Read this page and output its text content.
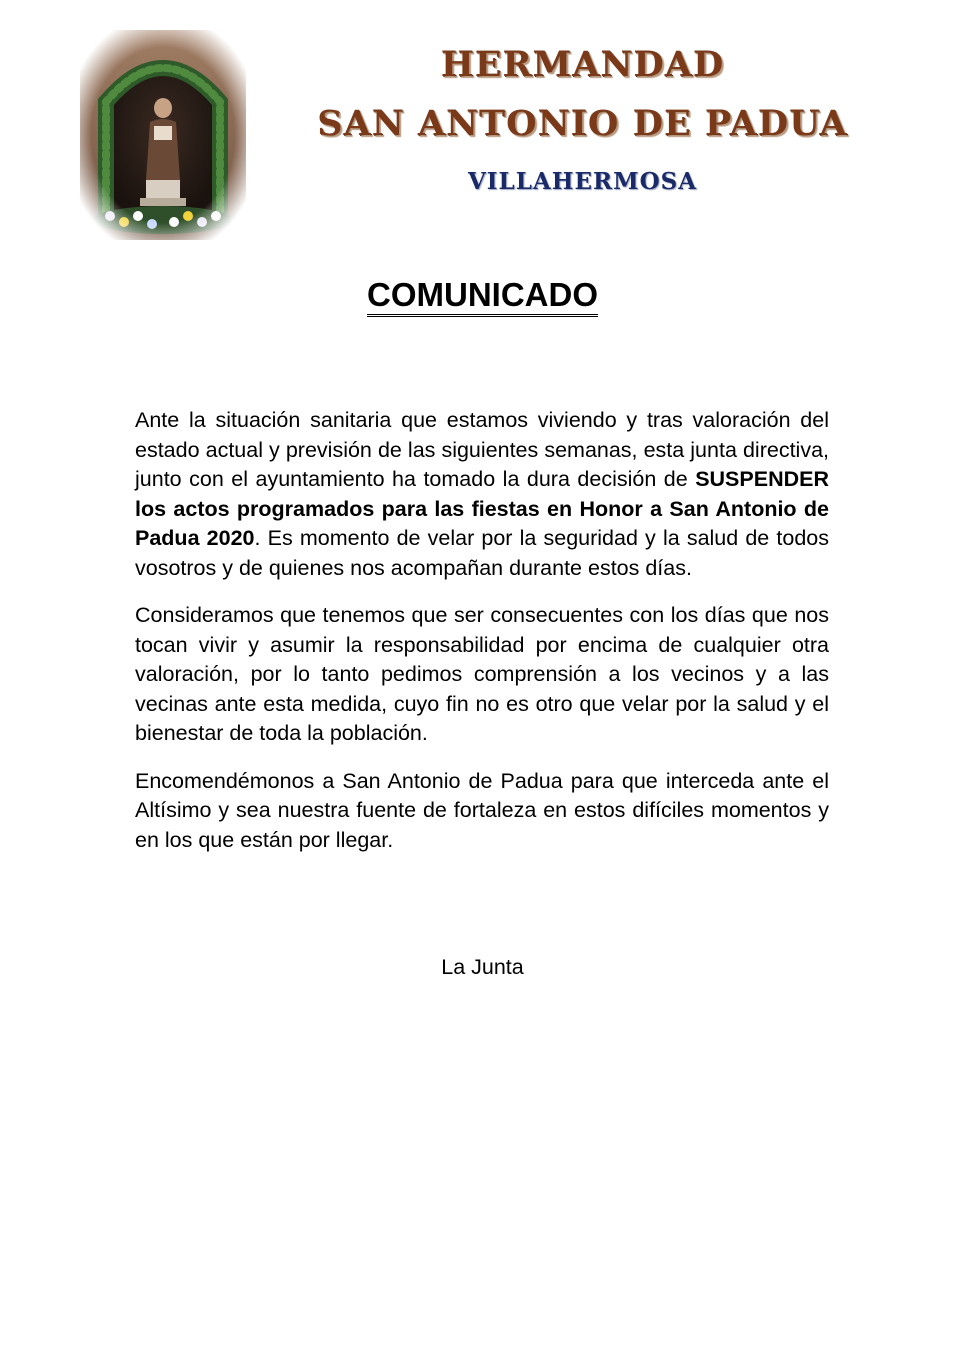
HERMANDAD
SAN ANTONIO DE PADUA
VILLAHERMOSA
COMUNICADO

Ante la situación sanitaria que estamos viviendo y tras valoración del estado actual y previsión de las siguientes semanas, esta junta directiva, junto con el ayuntamiento ha tomado la dura decisión de SUSPENDER los actos programados para las fiestas en Honor a San Antonio de Padua 2020. Es momento de velar por la seguridad y la salud de todos vosotros y de quienes nos acompañan durante estos días.

Consideramos que tenemos que ser consecuentes con los días que nos tocan vivir y asumir la responsabilidad por encima de cualquier otra valoración, por lo tanto pedimos comprensión a los vecinos y a las vecinas ante esta medida, cuyo fin no es otro que velar por la salud y el bienestar de toda la población.

Encomendémonos a San Antonio de Padua para que interceda ante el Altísimo y sea nuestra fuente de fortaleza en estos difíciles momentos y en los que están por llegar.

La Junta
